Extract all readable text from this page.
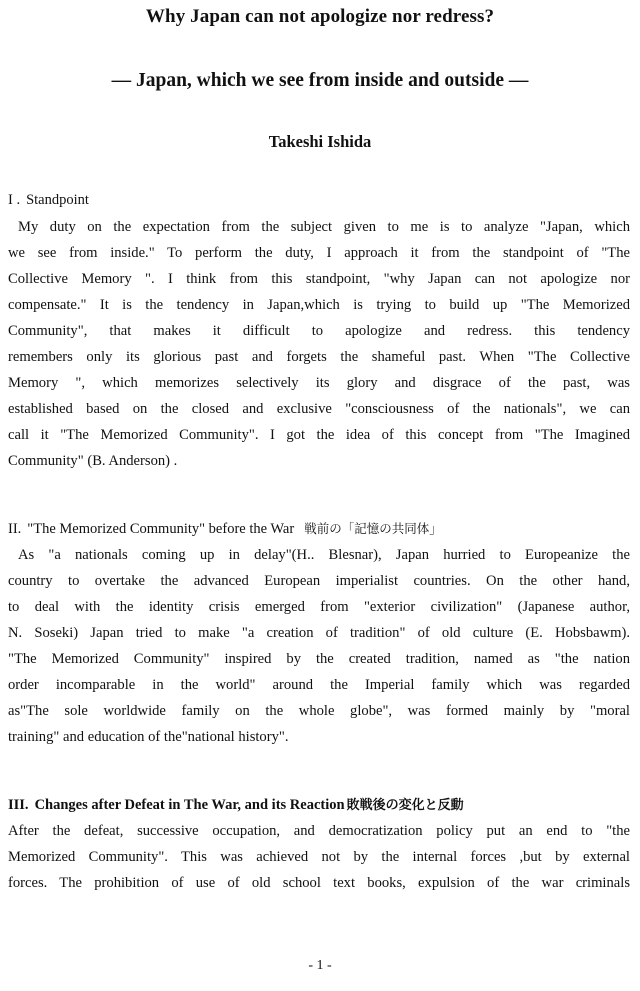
Why Japan can not apologize nor redress?
— Japan, which we see from inside and outside —
Takeshi Ishida
I . Standpoint
My duty on the expectation from the subject given to me is to analyze "Japan, which
we see from inside." To perform the duty, I approach it from the standpoint of "The
Collective Memory ". I think from this standpoint, "why Japan can not apologize nor
compensate." It is the tendency in Japan,which is trying to build up "The Memorized
Community", that makes it difficult to apologize and redress. this tendency
remembers only its glorious past and forgets the shameful past. When "The Collective
Memory ", which memorizes selectively its glory and disgrace of the past, was
established based on the closed and exclusive "consciousness of the nationals", we can
call it "The Memorized Community". I got the idea of this concept from "The Imagined
Community" (B. Anderson) .
II. "The Memorized Community" before the War 戦前の「記憶の共同体」
As "a nationals coming up in delay"(H.. Blesnar), Japan hurried to Europeanize the
country to overtake the advanced European imperialist countries. On the other hand,
to deal with the identity crisis emerged from "exterior civilization" (Japanese author,
N. Soseki) Japan tried to make "a creation of tradition" of old culture (E. Hobsbawm).
"The Memorized Community" inspired by the created tradition, named as "the nation
order incomparable in the world" around the Imperial family which was regarded
as"The sole worldwide family on the whole globe", was formed mainly by "moral
training" and education of the"national history".
III. Changes after Defeat in The War, and its Reaction 敗戦後の変化と反動
After the defeat, successive occupation, and democratization policy put an end to "the
Memorized Community". This was achieved not by the internal forces ,but by external
forces. The prohibition of use of old school text books, expulsion of the war criminals
- 1 -
